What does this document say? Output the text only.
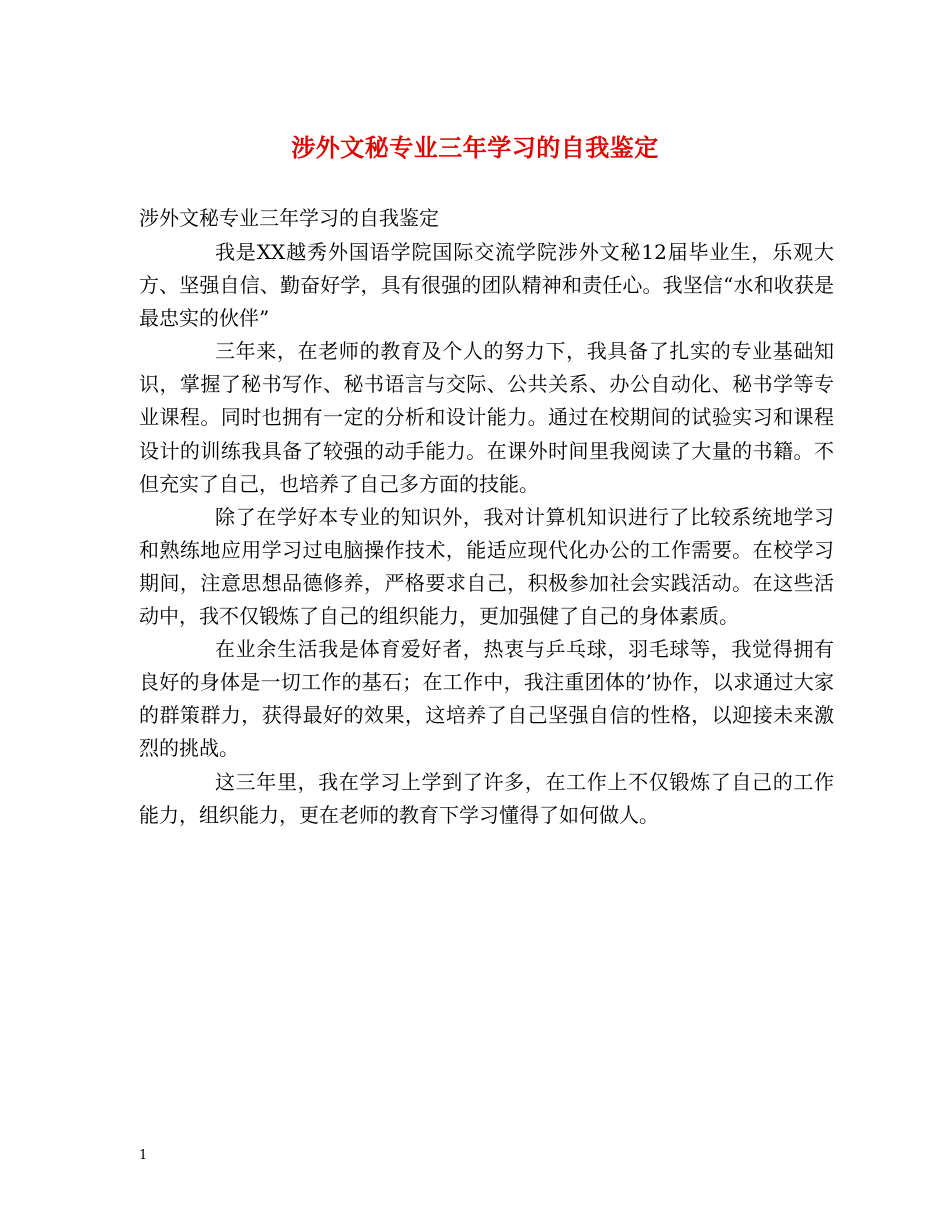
涉外文秘专业三年学习的自我鉴定

涉外文秘专业三年学习的自我鉴定

我是XX越秀外国语学院国际交流学院涉外文秘12届毕业生，乐观大方、坚强自信、勤奋好学，具有很强的团队精神和责任心。我坚信“水和收获是最忠实的伙伴”

三年来，在老师的教育及个人的努力下，我具备了扎实的专业基础知识，掌握了秘书写作、秘书语言与交际、公共关系、办公自动化、秘书学等专业课程。同时也拥有一定的分析和设计能力。通过在校期间的试验实习和课程设计的训练我具备了较强的动手能力。在课外时间里我阅读了大量的书籍。不但充实了自己，也培养了自己多方面的技能。

除了在学好本专业的知识外，我对计算机知识进行了比较系统地学习和熟练地应用学习过电脑操作技术，能适应现代化办公的工作需要。在校学习期间，注意思想品德修养，严格要求自己，积极参加社会实践活动。在这些活动中，我不仅锻炼了自己的组织能力，更加强健了自己的身体素质。

在业余生活我是体育爱好者，热衷与乒乓球，羽毛球等，我觉得拥有良好的身体是一切工作的基石；在工作中，我注重团体的’协作，以求通过大家的群策群力，获得最好的效果，这培养了自己坚强自信的性格，以迎接未来激烈的挑战。

这三年里，我在学习上学到了许多，在工作上不仅锻炼了自己的工作能力，组织能力，更在老师的教育下学习懂得了如何做人。

1
